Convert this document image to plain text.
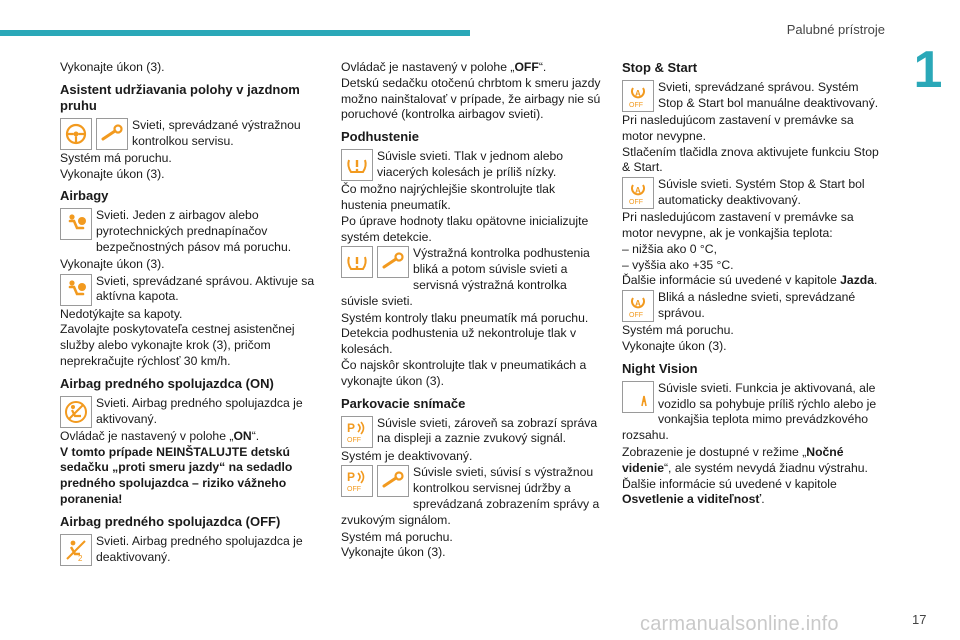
Palubné prístroje
1

Vykonajte úkon (3).

Asistent udržiavania polohy v jazdnom pruhu
Svieti, sprevádzané výstražnou kontrolkou servisu.

Systém má poruchu.

Vykonajte úkon (3).

Airbagy
Svieti. Jeden z airbagov alebo pyrotechnických prednapínačov bezpečnostných pásov má poruchu.

Vykonajte úkon (3).

Svieti, sprevádzané správou. Aktivuje sa aktívna kapota.

Nedotýkajte sa kapoty.

Zavolajte poskytovateľa cestnej asistenčnej služby alebo vykonajte krok (3), pričom neprekračujte rýchlosť 30 km/h.

Airbag predného spolujazdca (ON)
Svieti. Airbag predného spolujazdca je aktivovaný.

Ovládač je nastavený v polohe „ON“.

V tomto prípade NEINŠTALUJTE detskú sedačku „proti smeru jazdy“ na sedadlo predného spolujazdca – riziko vážneho poranenia!

Airbag predného spolujazdca (OFF)
2
Svieti. Airbag predného spolujazdca je deaktivovaný.

Ovládač je nastavený v polohe „OFF“.

Detskú sedačku otočenú chrbtom k smeru jazdy možno nainštalovať v prípade, že airbagy nie sú poruchové (kontrolka airbagov svieti).

Podhustenie
Súvisle svieti. Tlak v jednom alebo viacerých kolesách je príliš nízky.

Čo možno najrýchlejšie skontrolujte tlak hustenia pneumatík.

Po úprave hodnoty tlaku opätovne inicializujte systém detekcie.

Výstražná kontrolka podhustenia bliká a potom súvisle svieti a servisná výstražná kontrolka súvisle svieti.

Systém kontroly tlaku pneumatík má poruchu.

Detekcia podhustenia už nekontroluje tlak v kolesách.

Čo najskôr skontrolujte tlak v pneumatikách a vykonajte úkon (3).

Parkovacie snímače
P
OFF
Súvisle svieti, zároveň sa zobrazí správa na displeji a zaznie zvukový signál.

Systém je deaktivovaný.

P
OFF
Súvisle svieti, súvisí s výstražnou kontrolkou servisnej údržby a sprevádzaná zobrazením správy a zvukovým signálom.

Systém má poruchu.

Vykonajte úkon (3).

Stop & Start
A
OFF
Svieti, sprevádzané správou. Systém Stop & Start bol manuálne deaktivovaný.

Pri nasledujúcom zastavení v premávke sa motor nevypne.

Stlačením tlačidla znova aktivujete funkciu Stop & Start.

A
OFF
Súvisle svieti. Systém Stop & Start bol automaticky deaktivovaný.

Pri nasledujúcom zastavení v premávke sa motor nevypne, ak je vonkajšia teplota:

– nižšia ako 0 °C,

– vyššia ako +35 °C.

Ďalšie informácie sú uvedené v kapitole Jazda.

A
OFF
Bliká a následne svieti, sprevádzané správou.

Systém má poruchu.

Vykonajte úkon (3).

Night Vision
Súvisle svieti. Funkcia je aktivovaná, ale vozidlo sa pohybuje príliš rýchlo alebo je vonkajšia teplota mimo prevádzkového rozsahu.

Zobrazenie je dostupné v režime „Nočné videnie“, ale systém nevydá žiadnu výstrahu.

Ďalšie informácie sú uvedené v kapitole
Osvetlenie a viditeľnosť.

carmanualsonline.info	17
